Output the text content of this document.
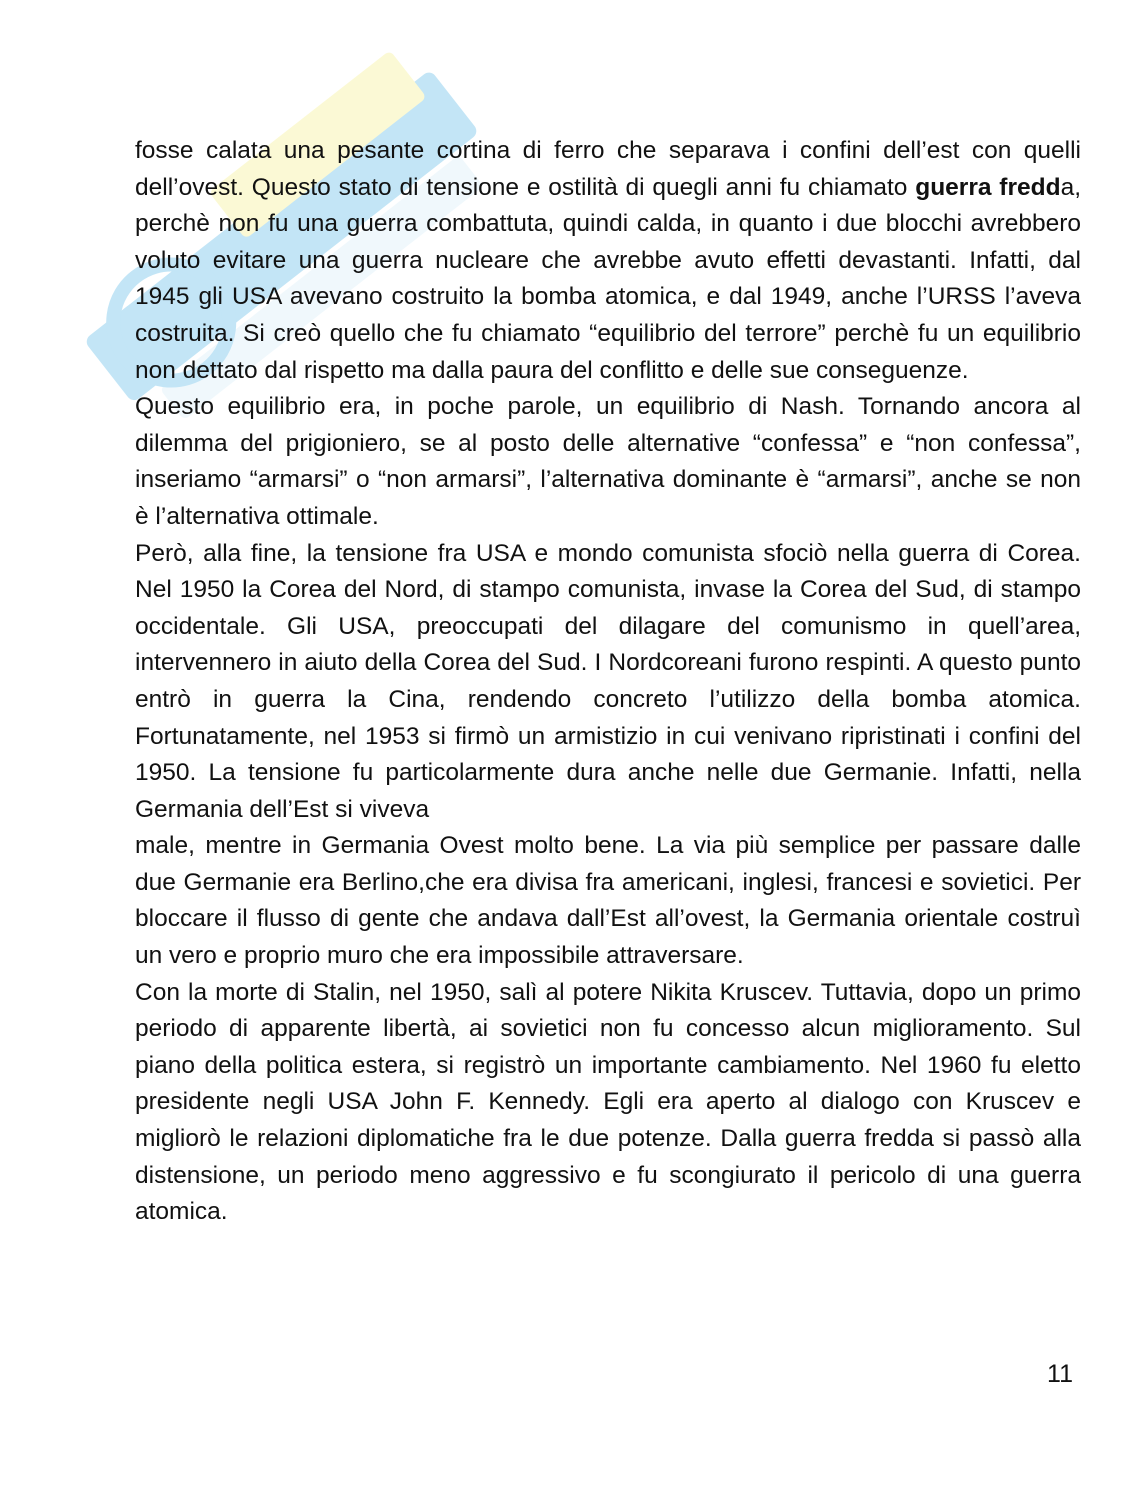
fosse calata una pesante cortina di ferro che separava i confini dell’est con quelli dell’ovest. Questo stato di tensione e ostilità di quegli anni fu chiamato guerra fredda, perchè non fu una guerra combattuta, quindi calda, in quanto i due blocchi avrebbero voluto evitare una guerra nucleare che avrebbe avuto effetti devastanti. Infatti, dal 1945 gli USA avevano costruito la bomba atomica, e dal 1949, anche l’URSS l’aveva costruita. Si creò quello che fu chiamato “equilibrio del terrore” perchè fu un equilibrio non dettato dal rispetto ma dalla paura del conflitto e delle sue conseguenze.

Questo equilibrio era, in poche parole, un equilibrio di Nash. Tornando ancora al dilemma del prigioniero, se al posto delle alternative “confessa” e “non confessa”, inseriamo “armarsi” o “non armarsi”, l’alternativa dominante è “armarsi”, anche se non è l’alternativa ottimale.

Però, alla fine, la tensione fra USA e mondo comunista sfociò nella guerra di Corea. Nel 1950 la Corea del Nord, di stampo comunista, invase la Corea del Sud, di stampo occidentale. Gli USA, preoccupati del dilagare del comunismo in quell’area, intervennero in aiuto della Corea del Sud. I Nordcoreani furono respinti. A questo punto entrò in guerra la Cina, rendendo concreto l’utilizzo della bomba atomica. Fortunatamente, nel 1953 si firmò un armistizio in cui venivano ripristinati i confini del 1950. La tensione fu particolarmente dura anche nelle due Germanie. Infatti, nella Germania dell’Est si viveva

male, mentre in Germania Ovest molto bene. La via più semplice per passare dalle due Germanie era Berlino,che era divisa fra americani, inglesi, francesi e sovietici. Per bloccare il flusso di gente che andava dall’Est all’ovest, la Germania orientale costruì un vero e proprio muro che era impossibile attraversare.

Con la morte di Stalin, nel 1950, salì al potere Nikita Kruscev. Tuttavia, dopo un primo periodo di apparente libertà, ai sovietici non fu concesso alcun miglioramento. Sul piano della politica estera, si registrò un importante cambiamento. Nel 1960 fu eletto presidente negli USA John F. Kennedy. Egli era aperto al dialogo con Kruscev e migliorò le relazioni diplomatiche fra le due potenze. Dalla guerra fredda si passò alla distensione, un periodo meno aggressivo e fu scongiurato il pericolo di una guerra atomica.

11
